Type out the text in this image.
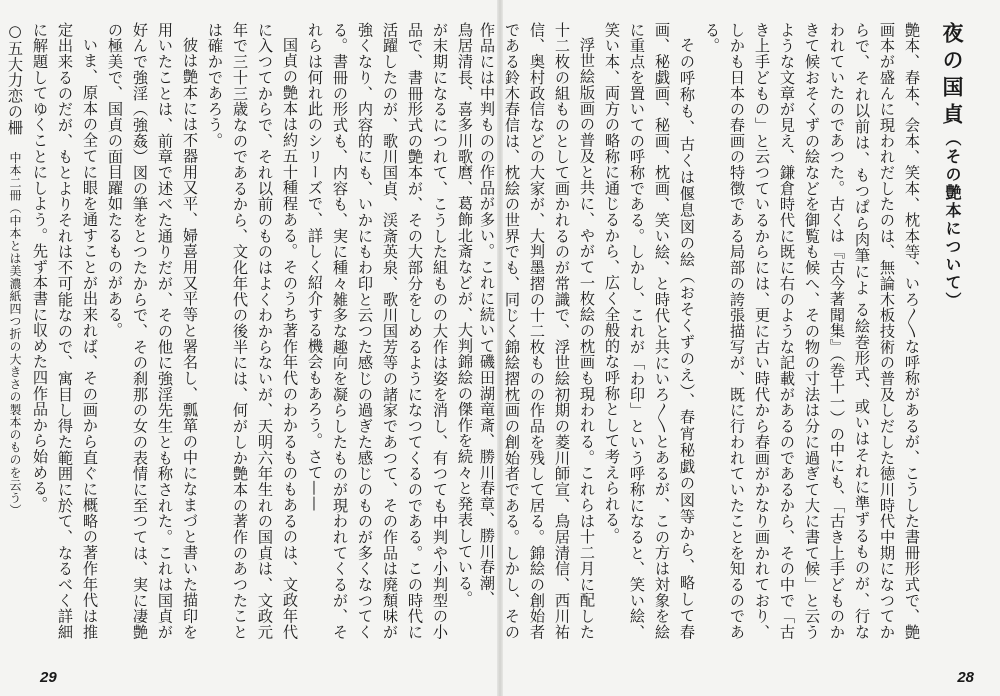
夜の国貞（その艶本について）

艶本、春本、会本、笑本、枕本等、いろ〳〵な呼称があるが、こうした書冊形式で、艶画本が盛んに現われだしたのは、無論木板技術の普及しだした徳川時代中期になつてからで、それ以前は、もつぱら肉筆によ る絵巻形式、或いはそれに準ずるものが、行なわれていたのであつた。古くは『古今著聞集』（巻十一）の中にも、「古き上手どものかきて候おそくずの絵などを御覧も候へ、その物の寸法は分に過ぎて大に書て候」と云うような文章が見え、鎌倉時代に既に右のような記載があるのであるから、その中で「古き上手どもの」と云つているからには、更に古い時代から春画がかなり画かれており、しかも日本の春画の特徴である局部の誇張描写が、既に行われていたことを知るのである。

その呼称も、古くは偃息図の絵（おそくずのえ）、春宵秘戯の図等から、略して春画、秘戯画、秘画、枕画、笑い絵、と時代と共にいろ〳〵とあるが、この方は対象を絵に重点を置いての呼称である。しかし、これが「わ印」という呼称になると、笑い絵、笑い本、両方の略称に通じるから、広く全般的な呼称として考えられる。

浮世絵版画の普及と共に、やがて一枚絵の枕画も現われる。これらは十二月に配した十二枚の組ものとして画かれるのが常識で、浮世絵初期の菱川師宣、鳥居清信、西川祐信、奥村政信などの大家が、大判墨摺の十二枚ものの作品を残して居る。錦絵の創始者である鈴木春信は、枕絵の世界でも、同じく錦絵摺枕画の創始者である。しかし、その作品には中判ものの作品が多い。これに続いて磯田湖竜斎、勝川春章、勝川春潮、

鳥居清長、喜多川歌麿、葛飾北斎などが、大判錦絵の傑作を続々と発表している。

が末期になるにつれて、こうした組ものの大作は姿を消し、有つても中判や小判型の小品で、書冊形式の艶本が、その大部分をしめるようになつてくるのである。この時代に活躍したのが、歌川国貞、渓斎英泉、歌川国芳等の諸家であつて、その作品は廃頽味が強くなり、内容的にも、いかにもわ印と云つた感じの過ぎた感じのものが多くなつてくる。書冊の形式も、内容も、実に種々雑多な趣向を凝らしたものが現われてくるが、それらは何れ此のシリーズで、詳しく紹介する機会もあろう。さて——

国貞の艶本は約五十種程ある。そのうち著作年代のわかるものもあるのは、文政年代に入つてからで、それ以前のものはよくわからないが、天明六年生れの国貞は、文政元年で三十三歳なのであるから、文化年代の後半には、何がしか艶本の著作のあつたことは確かであろう。

彼は艶本には不器用又平、婦喜用又平等と署名し、瓢箪の中になまづと書いた描印を用いたことは、前章で述べた通りだが、その他に強淫先生とも称された。これは国貞が好んで強淫（強姦）図の筆をとつたからで、その刹那の女の表情に至つては、実に凄艶の極美で、国貞の面目躍如たるものがある。

いま、原本の全てに眼を通すことが出来れば、その画から直ぐに概略の著作年代は推定出来るのだが、もとよりそれは不可能なので、寓目し得た範囲に於て、なるべく詳細に解題してゆくことにしよう。先ず本書に収めた四作品から始める。

○五大力恋の柵　中本二冊（中本とは美濃紙四つ折の大きさの製本のものを云う）

29	28
